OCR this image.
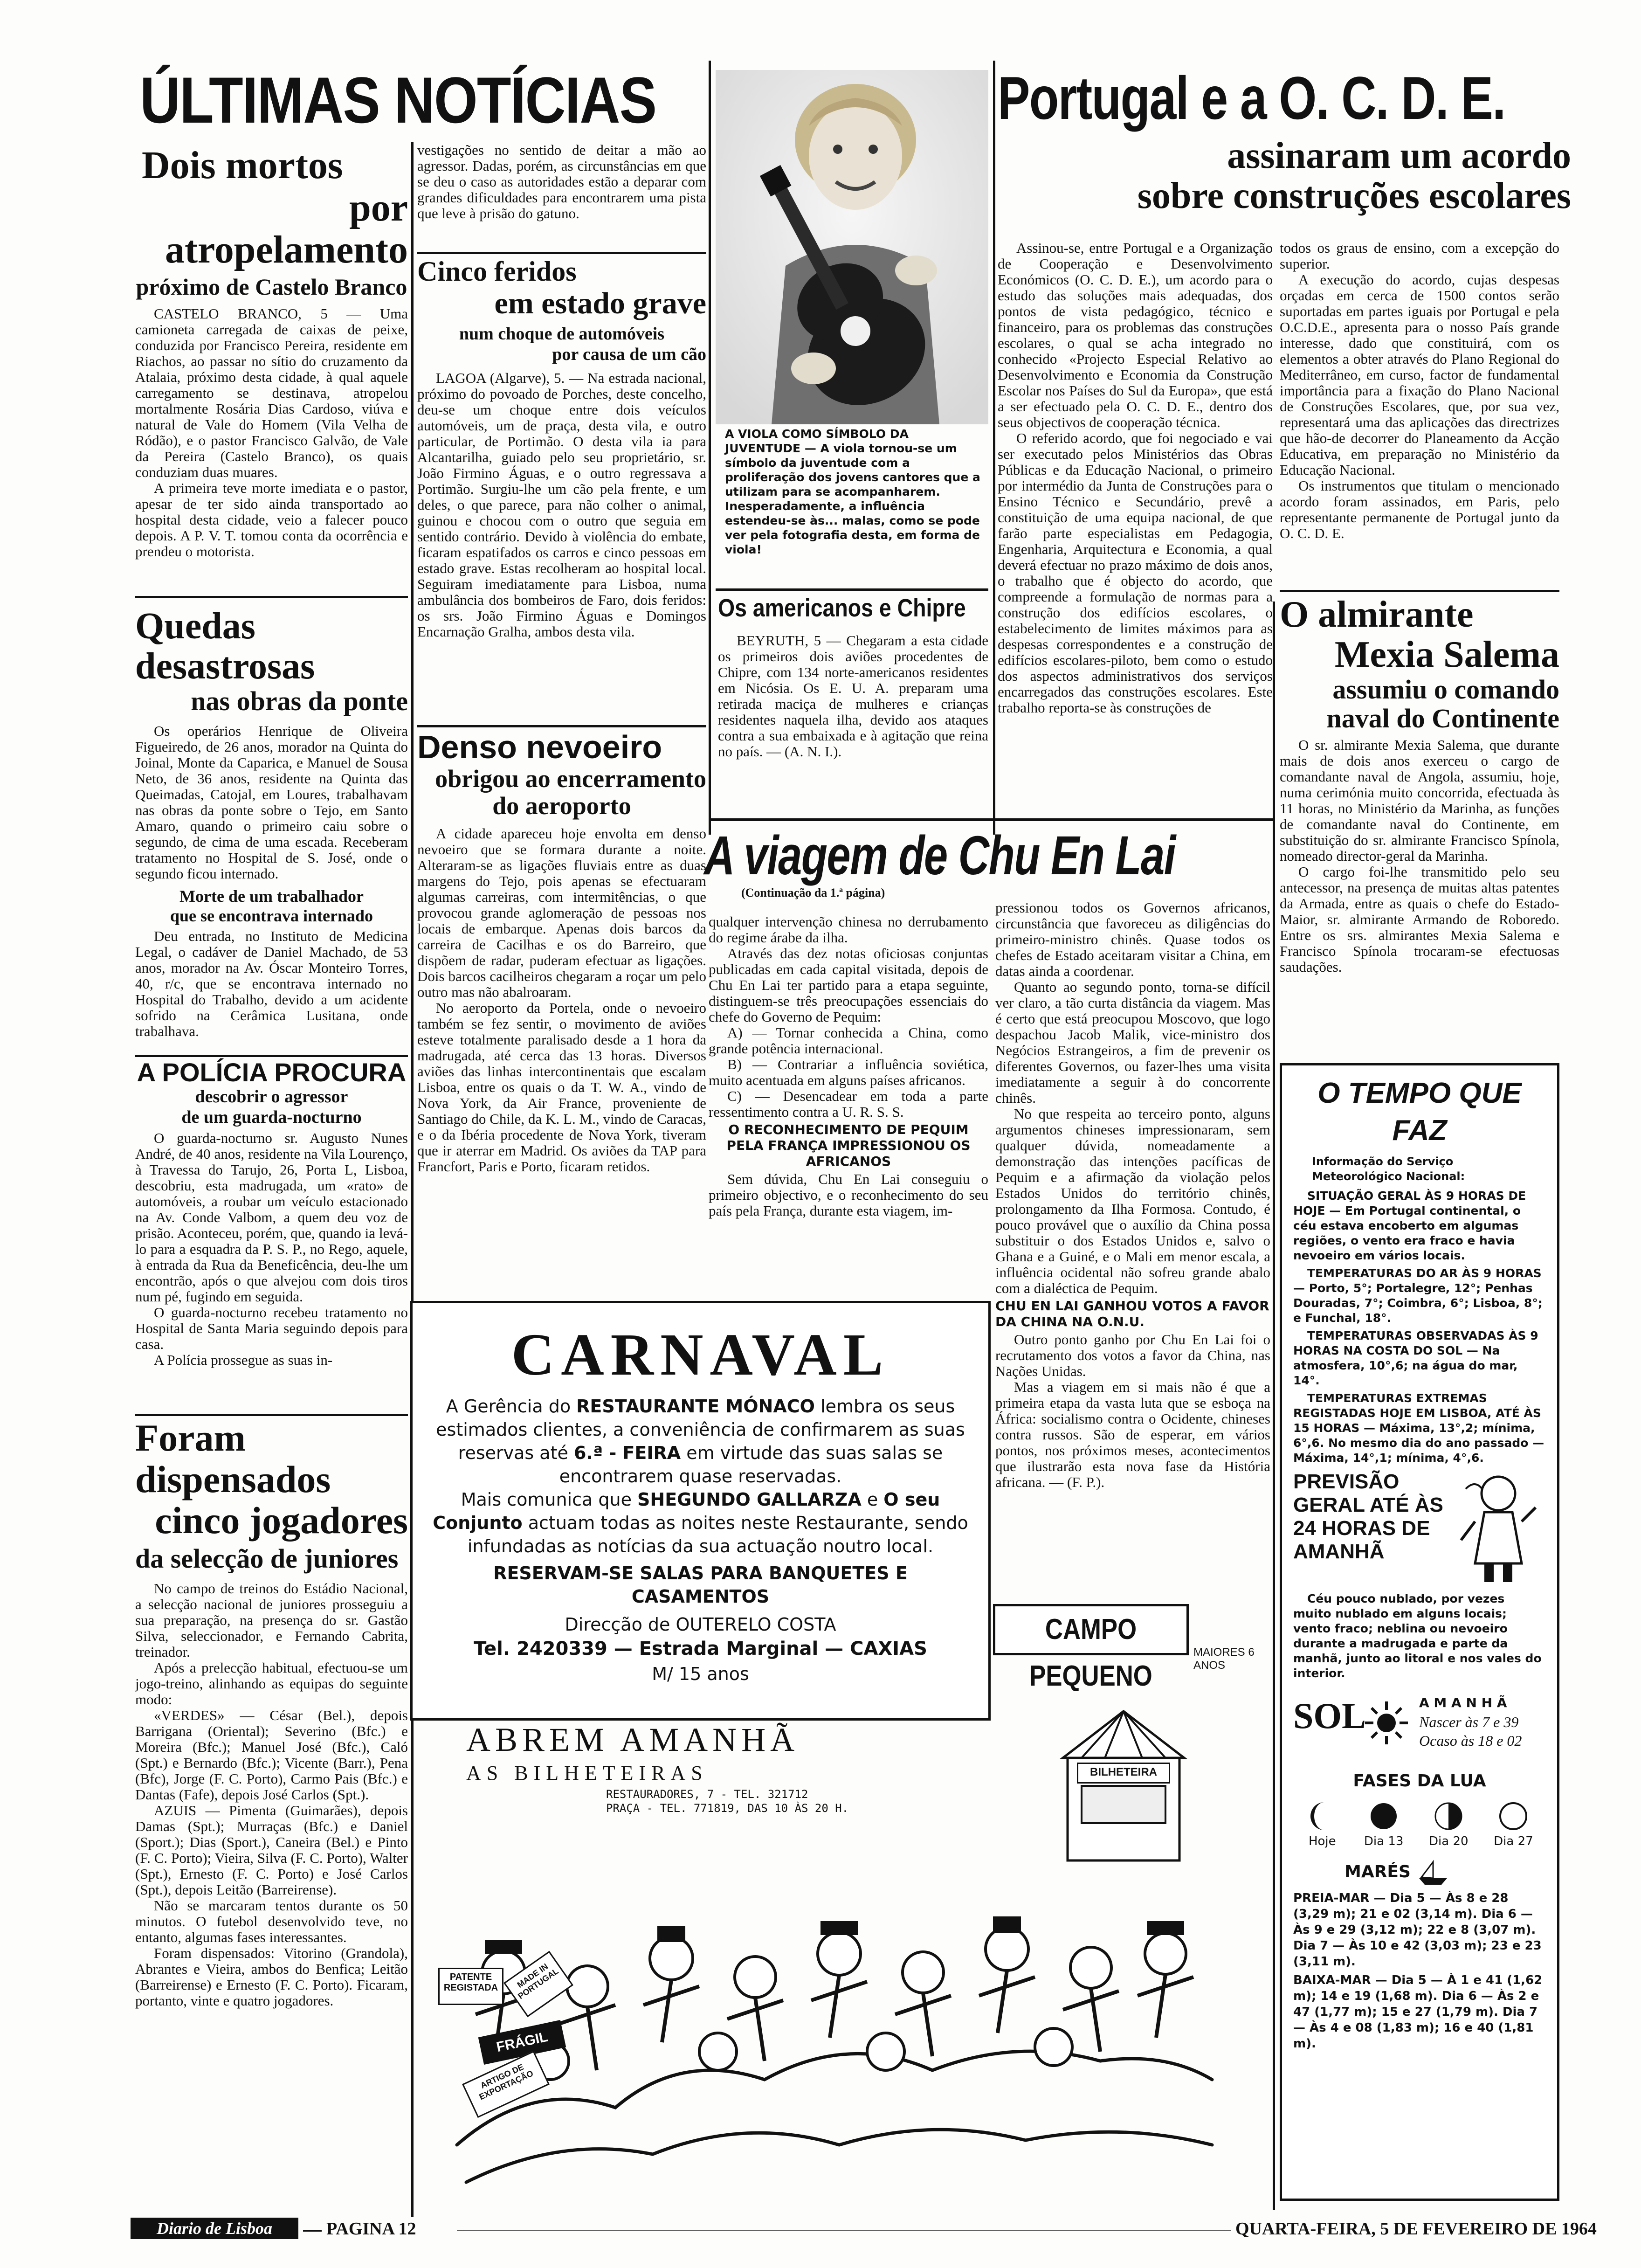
ÚLTIMAS NOTÍCIAS
Dois mortos
por atropelamento
próximo de Castelo Branco

CASTELO BRANCO, 5 — Uma camioneta carregada de caixas de peixe, conduzida por Francisco Pereira, residente em Riachos, ao passar no sítio do cruzamento da Atalaia, próximo desta cidade, à qual aquele carregamento se destinava, atropelou mortalmente Rosária Dias Cardoso, viúva e natural de Vale do Homem (Vila Velha de Ródão), e o pastor Francisco Galvão, de Vale da Pereira (Castelo Branco), os quais conduziam duas muares.

A primeira teve morte imediata e o pastor, apesar de ter sido ainda transportado ao hospital desta cidade, veio a falecer pouco depois. A P. V. T. tomou conta da ocorrência e prendeu o motorista.

Quedas desastrosas
nas obras da ponte

Os operários Henrique de Oliveira Figueiredo, de 26 anos, morador na Quinta do Joinal, Monte da Caparica, e Manuel de Sousa Neto, de 36 anos, residente na Quinta das Queimadas, Catojal, em Loures, trabalhavam nas obras da ponte sobre o Tejo, em Santo Amaro, quando o primeiro caiu sobre o segundo, de cima de uma escada. Receberam tratamento no Hospital de S. José, onde o segundo ficou internado.

Morte de um trabalhador
que se encontrava internado

Deu entrada, no Instituto de Medicina Legal, o cadáver de Daniel Machado, de 53 anos, morador na Av. Óscar Monteiro Torres, 40, r/c, que se encontrava internado no Hospital do Trabalho, devido a um acidente sofrido na Cerâmica Lusitana, onde trabalhava.

A POLÍCIA PROCURA
descobrir o agressor
de um guarda-nocturno

O guarda-nocturno sr. Augusto Nunes André, de 40 anos, residente na Vila Lourenço, à Travessa do Tarujo, 26, Porta L, Lisboa, descobriu, esta madrugada, um «rato» de automóveis, a roubar um veículo estacionado na Av. Conde Valbom, a quem deu voz de prisão. Aconteceu, porém, que, quando ia levá-lo para a esquadra da P. S. P., no Rego, aquele, à entrada da Rua da Beneficência, deu-lhe um encontrão, após o que alvejou com dois tiros num pé, fugindo em seguida.

O guarda-nocturno recebeu tratamento no Hospital de Santa Maria seguindo depois para casa.

A Polícia prossegue as suas in-

Foram dispensados
cinco jogadores
da selecção de juniores

No campo de treinos do Estádio Nacional, a selecção nacional de juniores prosseguiu a sua preparação, na presença do sr. Gastão Silva, seleccionador, e Fernando Cabrita, treinador.

Após a prelecção habitual, efectuou-se um jogo-treino, alinhando as equipas do seguinte modo:

«VERDES» — César (Bel.), depois Barrigana (Oriental); Severino (Bfc.) e Moreira (Bfc.); Manuel José (Bfc.), Caló (Spt.) e Bernardo (Bfc.); Vicente (Barr.), Pena (Bfc), Jorge (F. C. Porto), Carmo Pais (Bfc.) e Dantas (Fafe), depois José Carlos (Spt.).

AZUIS — Pimenta (Guimarães), depois Damas (Spt.); Murraças (Bfc.) e Daniel (Sport.); Dias (Sport.), Caneira (Bel.) e Pinto (F. C. Porto); Vieira, Silva (F. C. Porto), Walter (Spt.), Ernesto (F. C. Porto) e José Carlos (Spt.), depois Leitão (Barreirense).

Não se marcaram tentos durante os 50 minutos. O futebol desenvolvido teve, no entanto, algumas fases interessantes.

Foram dispensados: Vitorino (Grandola), Abrantes e Vieira, ambos do Benfica; Leitão (Barreirense) e Ernesto (F. C. Porto). Ficaram, portanto, vinte e quatro jogadores.

vestigações no sentido de deitar a mão ao agressor. Dadas, porém, as circunstâncias em que se deu o caso as autoridades estão a deparar com grandes dificuldades para encontrarem uma pista que leve à prisão do gatuno.

Cinco feridos
em estado grave
num choque de automóveis
por causa de um cão

LAGOA (Algarve), 5. — Na estrada nacional, próximo do povoado de Porches, deste concelho, deu-se um choque entre dois veículos automóveis, um de praça, desta vila, e outro particular, de Portimão. O desta vila ia para Alcantarilha, guiado pelo seu proprietário, sr. João Firmino Águas, e o outro regressava a Portimão. Surgiu-lhe um cão pela frente, e um deles, o que parece, para não colher o animal, guinou e chocou com o outro que seguia em sentido contrário. Devido à violência do embate, ficaram espatifados os carros e cinco pessoas em estado grave. Estas recolheram ao hospital local. Seguiram imediatamente para Lisboa, numa ambulância dos bombeiros de Faro, dois feridos: os srs. João Firmino Águas e Domingos Encarnação Gralha, ambos desta vila.

Denso nevoeiro
obrigou ao encerramento
do aeroporto

A cidade apareceu hoje envolta em denso nevoeiro que se formara durante a noite. Alteraram-se as ligações fluviais entre as duas margens do Tejo, pois apenas se efectuaram algumas carreiras, com intermitências, o que provocou grande aglomeração de pessoas nos locais de embarque. Apenas dois barcos da carreira de Cacilhas e os do Barreiro, que dispõem de radar, puderam efectuar as ligações. Dois barcos cacilheiros chegaram a roçar um pelo outro mas não abalroaram.

No aeroporto da Portela, onde o nevoeiro também se fez sentir, o movimento de aviões esteve totalmente paralisado desde a 1 hora da madrugada, até cerca das 13 horas. Diversos aviões das linhas intercontinentais que escalam Lisboa, entre os quais o da T. W. A., vindo de Nova York, da Air France, proveniente de Santiago do Chile, da K. L. M., vindo de Caracas, e o da Ibéria procedente de Nova York, tiveram que ir aterrar em Madrid. Os aviões da TAP para Francfort, Paris e Porto, ficaram retidos.

A VIOLA COMO SÍMBOLO DA JUVENTUDE — A viola tornou-se um símbolo da juventude com a proliferação dos jovens cantores que a utilizam para se acompanharem. Inesperadamente, a influência estendeu-se às... malas, como se pode ver pela fotografia desta, em forma de viola!
Os americanos e Chipre

BEYRUTH, 5 — Chegaram a esta cidade os primeiros dois aviões procedentes de Chipre, com 134 norte-americanos residentes em Nicósia. Os E. U. A. preparam uma retirada maciça de mulheres e crianças residentes naquela ilha, devido aos ataques contra a sua embaixada e à agitação que reina no país. — (A. N. I.).

Portugal e a O. C. D. E.
assinaram um acordo
sobre construções escolares

Assinou-se, entre Portugal e a Organização de Cooperação e Desenvolvimento Económicos (O. C. D. E.), um acordo para o estudo das soluções mais adequadas, dos pontos de vista pedagógico, técnico e financeiro, para os problemas das construções escolares, o qual se acha integrado no conhecido «Projecto Especial Relativo ao Desenvolvimento e Economia da Construção Escolar nos Países do Sul da Europa», que está a ser efectuado pela O. C. D. E., dentro dos seus objectivos de cooperação técnica.

O referido acordo, que foi negociado e vai ser executado pelos Ministérios das Obras Públicas e da Educação Nacional, o primeiro por intermédio da Junta de Construções para o Ensino Técnico e Secundário, prevê a constituição de uma equipa nacional, de que farão parte especialistas em Pedagogia, Engenharia, Arquitectura e Economia, a qual deverá efectuar no prazo máximo de dois anos, o trabalho que é objecto do acordo, que compreende a formulação de normas para a construção dos edifícios escolares, o estabelecimento de limites máximos para as despesas correspondentes e a construção de edifícios escolares-piloto, bem como o estudo dos aspectos administrativos dos serviços encarregados das construções escolares. Este trabalho reporta-se às construções de

todos os graus de ensino, com a excepção do superior.

A execução do acordo, cujas despesas orçadas em cerca de 1500 contos serão suportadas em partes iguais por Portugal e pela O.C.D.E., apresenta para o nosso País grande interesse, dado que constituirá, com os elementos a obter através do Plano Regional do Mediterrâneo, em curso, factor de fundamental importância para a fixação do Plano Nacional de Construções Escolares, que, por sua vez, representará uma das aplicações das directrizes que hão-de decorrer do Planeamento da Acção Educativa, em preparação no Ministério da Educação Nacional.

Os instrumentos que titulam o mencionado acordo foram assinados, em Paris, pelo representante permanente de Portugal junto da O. C. D. E.

O almirante
Mexia Salema
assumiu o comando
naval do Continente

O sr. almirante Mexia Salema, que durante mais de dois anos exerceu o cargo de comandante naval de Angola, assumiu, hoje, numa cerimónia muito concorrida, efectuada às 11 horas, no Ministério da Marinha, as funções de comandante naval do Continente, em substituição do sr. almirante Francisco Spínola, nomeado director-geral da Marinha.

O cargo foi-lhe transmitido pelo seu antecessor, na presença de muitas altas patentes da Armada, entre as quais o chefe do Estado-Maior, sr. almirante Armando de Roboredo. Entre os srs. almirantes Mexia Salema e Francisco Spínola trocaram-se efectuosas saudações.

A viagem de Chu En Lai
(Continuação da 1.ª página)

qualquer intervenção chinesa no derrubamento do regime árabe da ilha.

Através das dez notas oficiosas conjuntas publicadas em cada capital visitada, depois de Chu En Lai ter partido para a etapa seguinte, distinguem-se três preocupações essenciais do chefe do Governo de Pequim:

A) — Tornar conhecida a China, como grande potência internacional.

B) — Contrariar a influência soviética, muito acentuada em alguns países africanos.

C) — Desencadear em toda a parte ressentimento contra a U. R. S. S.

O RECONHECIMENTO DE PEQUIM PELA FRANÇA IMPRESSIONOU OS AFRICANOS

Sem dúvida, Chu En Lai conseguiu o primeiro objectivo, e o reconhecimento do seu país pela França, durante esta viagem, im-

pressionou todos os Governos africanos, circunstância que favoreceu as diligências do primeiro-ministro chinês. Quase todos os chefes de Estado aceitaram visitar a China, em datas ainda a coordenar.

Quanto ao segundo ponto, torna-se difícil ver claro, a tão curta distância da viagem. Mas é certo que está preocupou Moscovo, que logo despachou Jacob Malik, vice-ministro dos Negócios Estrangeiros, a fim de prevenir os diferentes Governos, ou fazer-lhes uma visita imediatamente a seguir à do concorrente chinês.

No que respeita ao terceiro ponto, alguns argumentos chineses impressionaram, sem qualquer dúvida, nomeadamente a demonstração das intenções pacíficas de Pequim e a afirmação da violação pelos Estados Unidos do território chinês, prolongamento da Ilha Formosa. Contudo, é pouco provável que o auxílio da China possa substituir o dos Estados Unidos e, salvo o Ghana e a Guiné, e o Mali em menor escala, a influência ocidental não sofreu grande abalo com a dialéctica de Pequim.

CHU EN LAI GANHOU VOTOS A FAVOR DA CHINA NA O.N.U.

Outro ponto ganho por Chu En Lai foi o recrutamento dos votos a favor da China, nas Nações Unidas.

Mas a viagem em si mais não é que a primeira etapa da vasta luta que se esboça na África: socialismo contra o Ocidente, chineses contra russos. São de esperar, em vários pontos, nos próximos meses, acontecimentos que ilustrarão esta nova fase da História africana. — (F. P.).

CARNAVAL
A Gerência do RESTAURANTE MÓNACO lembra os seus estimados clientes, a conveniência de confirmarem as suas reservas até 6.ª - FEIRA em virtude das suas salas se encontrarem quase reservadas.
Mais comunica que SHEGUNDO GALLARZA e O seu Conjunto actuam todas as noites neste Restaurante, sendo infundadas as notícias da sua actuação noutro local.
RESERVAM-SE SALAS PARA BANQUETES E CASAMENTOS
Direcção de OUTERELO COSTA
Tel. 2420339 — Estrada Marginal — CAXIAS
M/ 15 anos
ABREM AMANHÃ
AS BILHETEIRAS
RESTAURADORES, 7 - TEL. 321712
PRAÇA - TEL. 771819, DAS 10 ÀS 20 H.
CAMPO PEQUENO
MAIORES 6 ANOS
BILHETEIRA
PATENTE REGISTADA	MADE IN PORTUGAL
FRÁGIL
ARTIGO DE EXPORTAÇÃO
O TEMPO QUE FAZ
Informação do Serviço Meteorológico Nacional:

SITUAÇÃO GERAL ÀS 9 HORAS DE HOJE — Em Portugal continental, o céu estava encoberto em algumas regiões, o vento era fraco e havia nevoeiro em vários locais.

TEMPERATURAS DO AR ÀS 9 HORAS — Porto, 5°; Portalegre, 12°; Penhas Douradas, 7°; Coimbra, 6°; Lisboa, 8°; e Funchal, 18°.

TEMPERATURAS OBSERVADAS ÀS 9 HORAS NA COSTA DO SOL — Na atmosfera, 10°,6; na água do mar, 14°.

TEMPERATURAS EXTREMAS REGISTADAS HOJE EM LISBOA, ATÉ ÀS 15 HORAS — Máxima, 13°,2; mínima, 6°,6. No mesmo dia do ano passado — Máxima, 14°,1; mínima, 4°,6.

PREVISÃO GERAL ATÉ ÀS 24 HORAS DE AMANHÃ
Céu pouco nublado, por vezes muito nublado em alguns locais; vento fraco; neblina ou nevoeiro durante a madrugada e parte da manhã, junto ao litoral e nos vales do interior.
SOL	A M A N H Ã
Nascer às 7 e 39
Ocaso às 18 e 02
FASES DA LUA
Hoje Dia 13 Dia 20 Dia 27
MARÉS

PREIA-MAR — Dia 5 — Às 8 e 28 (3,29 m); 21 e 02 (3,14 m). Dia 6 — Às 9 e 29 (3,12 m); 22 e 8 (3,07 m). Dia 7 — Às 10 e 42 (3,03 m); 23 e 23 (3,11 m).

BAIXA-MAR — Dia 5 — À 1 e 41 (1,62 m); 14 e 19 (1,68 m). Dia 6 — Às 2 e 47 (1,77 m); 15 e 27 (1,79 m). Dia 7 — Às 4 e 08 (1,83 m); 16 e 40 (1,81 m).

Diario de Lisboa	PAGINA 12	QUARTA-FEIRA, 5 DE FEVEREIRO DE 1964
